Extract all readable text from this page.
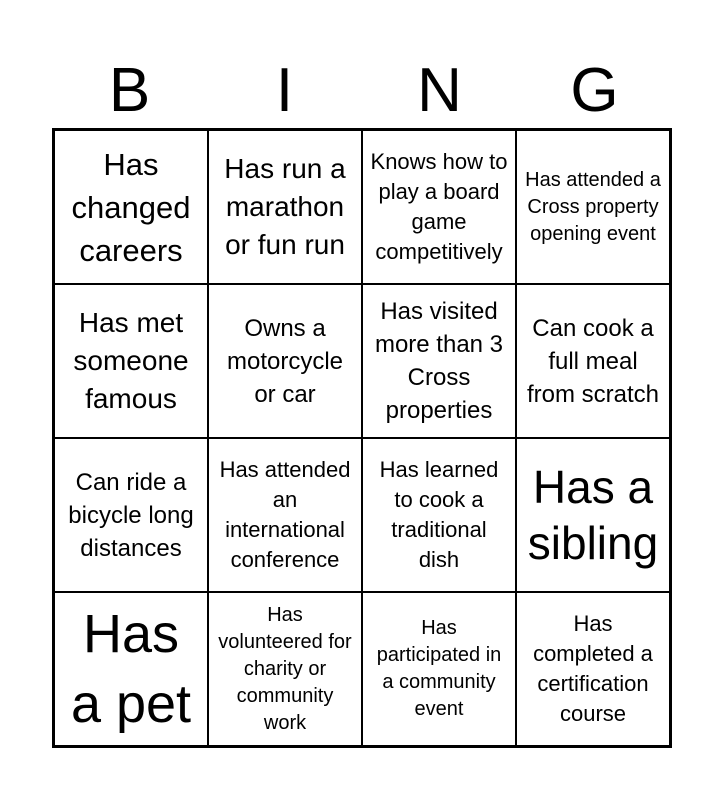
B	I	N	G
Has changed careers
Has run a marathon or fun run
Knows how to play a board game competitively
Has attended a Cross property opening event
Has met someone famous
Owns a motorcycle or car
Has visited more than 3 Cross properties
Can cook a full meal from scratch
Can ride a bicycle long distances
Has attended an international conference
Has learned to cook a traditional dish
Has a sibling
Has a pet
Has volunteered for charity or community work
Has participated in a community event
Has completed a certification course
